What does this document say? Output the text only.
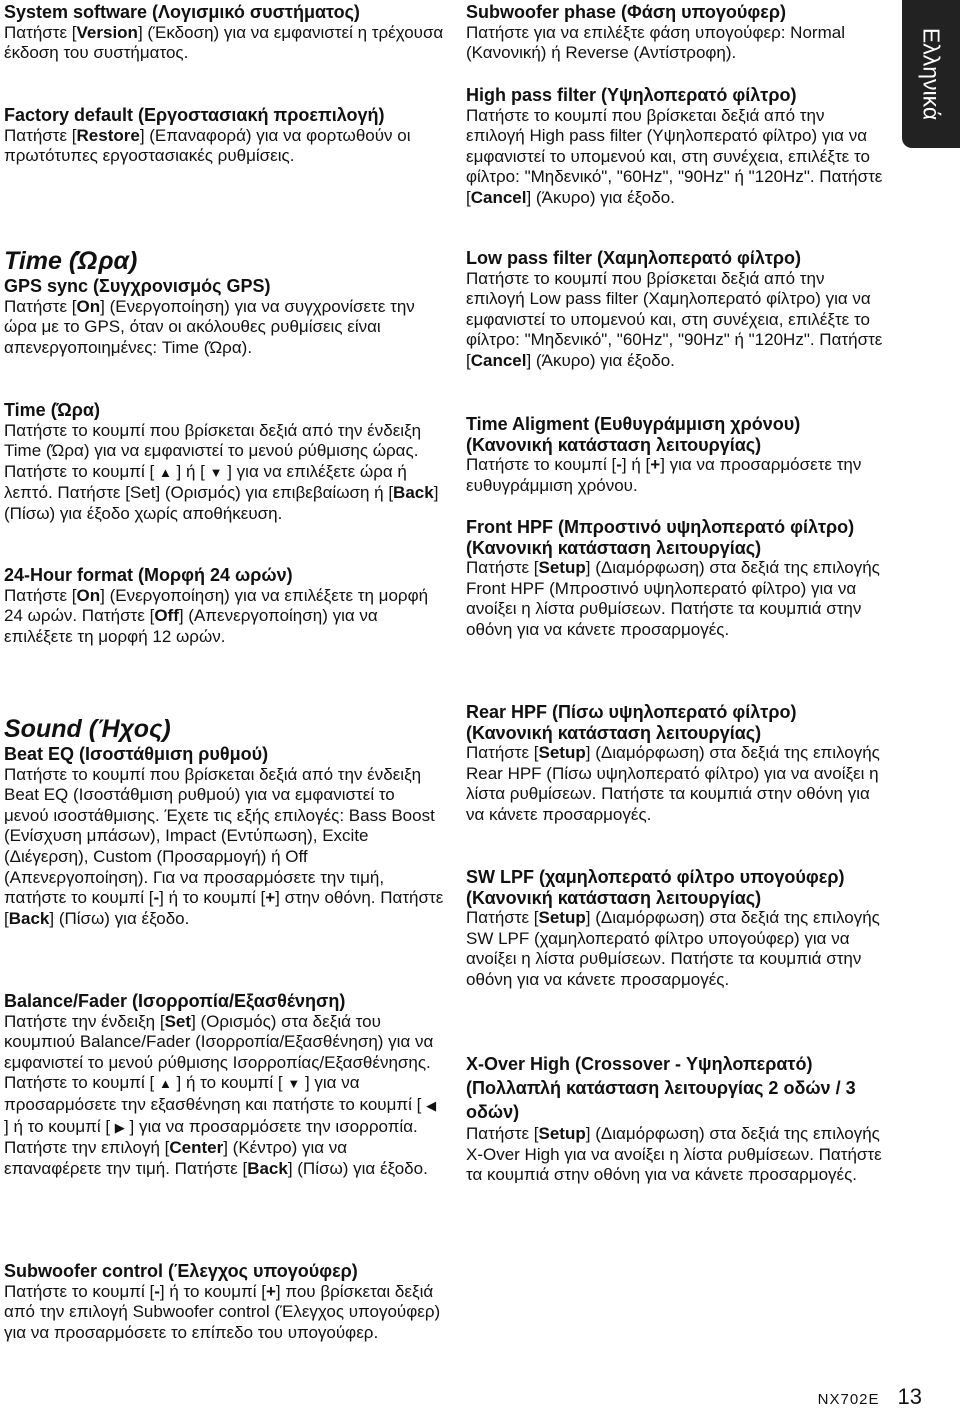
Ελληνικά

System software (Λογισμικό συστήματος)

Πατήστε [Version] (Έκδοση) για να εμφανιστεί η τρέχουσα έκδοση του συστήματος.

Factory default (Εργοστασιακή προεπιλογή)

Πατήστε [Restore] (Επαναφορά) για να φορτωθούν οι πρωτότυπες εργοστασιακές ρυθμίσεις.

Time (Ώρα)

GPS sync (Συγχρονισμός GPS)

Πατήστε [On] (Ενεργοποίηση) για να συγχρονίσετε την ώρα με το GPS, όταν οι ακόλουθες ρυθμίσεις είναι απενεργοποιημένες: Time (Ώρα).

Time (Ώρα)

Πατήστε το κουμπί που βρίσκεται δεξιά από την ένδειξη Time (Ώρα) για να εμφανιστεί το μενού ρύθμισης ώρας. Πατήστε το κουμπί [ ▲ ] ή [ ▼ ] για να επιλέξετε ώρα ή λεπτό. Πατήστε [Set] (Ορισμός) για επιβεβαίωση ή [Back] (Πίσω) για έξοδο χωρίς αποθήκευση.

24-Hour format (Μορφή 24 ωρών)

Πατήστε [On] (Ενεργοποίηση) για να επιλέξετε τη μορφή 24 ωρών. Πατήστε [Off] (Απενεργοποίηση) για να επιλέξετε τη μορφή 12 ωρών.

Sound (Ήχος)

Beat EQ (Ισοστάθμιση ρυθμού)

Πατήστε το κουμπί που βρίσκεται δεξιά από την ένδειξη Beat EQ (Ισοστάθμιση ρυθμού) για να εμφανιστεί το μενού ισοστάθμισης. Έχετε τις εξής επιλογές: Bass Boost (Ενίσχυση μπάσων), Impact (Εντύπωση), Excite (Διέγερση), Custom (Προσαρμογή) ή Off (Απενεργοποίηση). Για να προσαρμόσετε την τιμή, πατήστε το κουμπί [-] ή το κουμπί [+] στην οθόνη. Πατήστε [Back] (Πίσω) για έξοδο.

Balance/Fader (Ισορροπία/Εξασθένηση)

Πατήστε την ένδειξη [Set] (Ορισμός) στα δεξιά του κουμπιού Balance/Fader (Ισορροπία/Εξασθένηση) για να εμφανιστεί το μενού ρύθμισης Ισορροπίας/Εξασθένησης. Πατήστε το κουμπί [ ▲ ] ή το κουμπί [ ▼ ] για να προσαρμόσετε την εξασθένηση και πατήστε το κουμπί [ ◀ ] ή το κουμπί [ ▶ ] για να προσαρμόσετε την ισορροπία. Πατήστε την επιλογή [Center] (Κέντρο) για να επαναφέρετε την τιμή. Πατήστε [Back] (Πίσω) για έξοδο.

Subwoofer control (Έλεγχος υπογούφερ)

Πατήστε το κουμπί [-] ή το κουμπί [+] που βρίσκεται δεξιά από την επιλογή Subwoofer control (Έλεγχος υπογούφερ) για να προσαρμόσετε το επίπεδο του υπογούφερ.

Subwoofer phase (Φάση υπογούφερ)

Πατήστε για να επιλέξτε φάση υπογούφερ: Normal (Κανονική) ή Reverse (Αντίστροφη).

High pass filter (Υψηλοπερατό φίλτρο)

Πατήστε το κουμπί που βρίσκεται δεξιά από την επιλογή High pass filter (Υψηλοπερατό φίλτρο) για να εμφανιστεί το υπομενού και, στη συνέχεια, επιλέξτε το φίλτρο: "Μηδενικό", "60Hz", "90Hz" ή "120Hz". Πατήστε [Cancel] (Άκυρο) για έξοδο.

Low pass filter (Χαμηλοπερατό φίλτρο)

Πατήστε το κουμπί που βρίσκεται δεξιά από την επιλογή Low pass filter (Χαμηλοπερατό φίλτρο) για να εμφανιστεί το υπομενού και, στη συνέχεια, επιλέξτε το φίλτρο: "Μηδενικό", "60Hz", "90Hz" ή "120Hz". Πατήστε [Cancel] (Άκυρο) για έξοδο.

Time Aligment (Ευθυγράμμιση χρόνου) (Κανονική κατάσταση λειτουργίας)

Πατήστε το κουμπί [-] ή [+] για να προσαρμόσετε την ευθυγράμμιση χρόνου.

Front HPF (Μπροστινό υψηλοπερατό φίλτρο) (Κανονική κατάσταση λειτουργίας)

Πατήστε [Setup] (Διαμόρφωση) στα δεξιά της επιλογής Front HPF (Μπροστινό υψηλοπερατό φίλτρο) για να ανοίξει η λίστα ρυθμίσεων. Πατήστε τα κουμπιά στην οθόνη για να κάνετε προσαρμογές.

Rear HPF (Πίσω υψηλοπερατό φίλτρο) (Κανονική κατάσταση λειτουργίας)

Πατήστε [Setup] (Διαμόρφωση) στα δεξιά της επιλογής Rear HPF (Πίσω υψηλοπερατό φίλτρο) για να ανοίξει η λίστα ρυθμίσεων. Πατήστε τα κουμπιά στην οθόνη για να κάνετε προσαρμογές.

SW LPF (χαμηλοπερατό φίλτρο υπογούφερ) (Κανονική κατάσταση λειτουργίας)

Πατήστε [Setup] (Διαμόρφωση) στα δεξιά της επιλογής SW LPF (χαμηλοπερατό φίλτρο υπογούφερ) για να ανοίξει η λίστα ρυθμίσεων. Πατήστε τα κουμπιά στην οθόνη για να κάνετε προσαρμογές.

X-Over High (Crossover - Υψηλοπερατό) (Πολλαπλή κατάσταση λειτουργίας 2 οδών / 3 οδών)

Πατήστε [Setup] (Διαμόρφωση) στα δεξιά της επιλογής X-Over High για να ανοίξει η λίστα ρυθμίσεων. Πατήστε τα κουμπιά στην οθόνη για να κάνετε προσαρμογές.

NX702E 13
